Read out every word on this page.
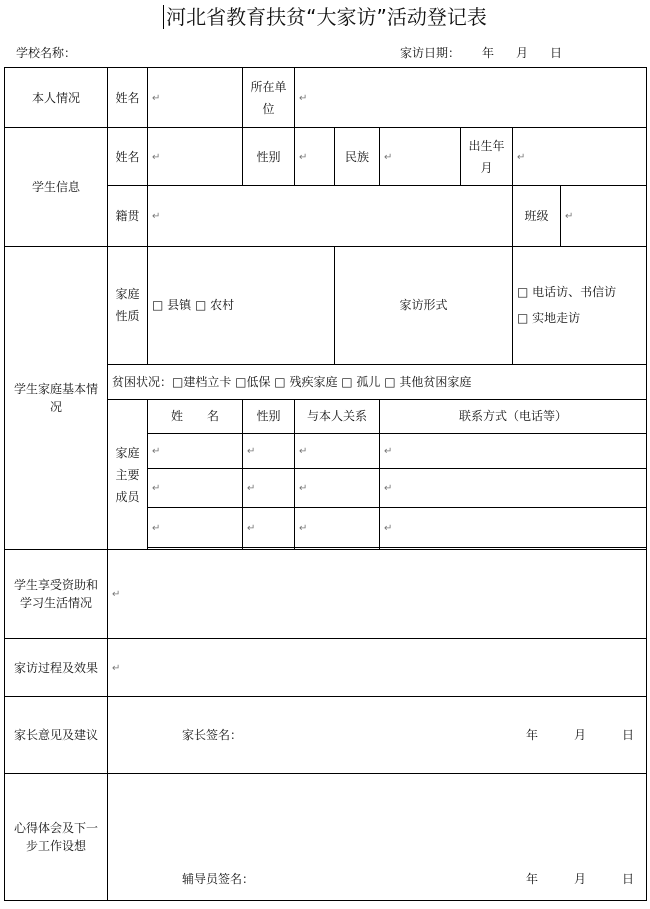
河北省教育扶贫“大家访”活动登记表
学校名称：	家访日期： 年 月 日
本人情况	姓名	↵	所在单位	↵					
学生信息	姓名	↵	性别	↵	民族	↵	出生年月	↵	
	籍贯	↵						班级	↵
学生家庭基本情况	家庭性质	□ 县镇 □ 农村			家访形式			□ 电话访、书信访
□ 实地走访	

	贫困状况：□建档立卡 □低保 □ 残疾家庭 □ 孤儿 □ 其他贫困家庭								
	家庭主要成员	姓　　名	性别	与本人关系		联系方式（电话等）			
		↵	↵	↵		↵			
		↵	↵	↵		↵			
		↵	↵	↵		↵			

学生享受资助和学习生活情况	↵								
家访过程及效果	↵								
家长意见及建议	家长签名： 年 月 日								

心得体会及下一步工作设想	辅导员签名： 年 月 日								
